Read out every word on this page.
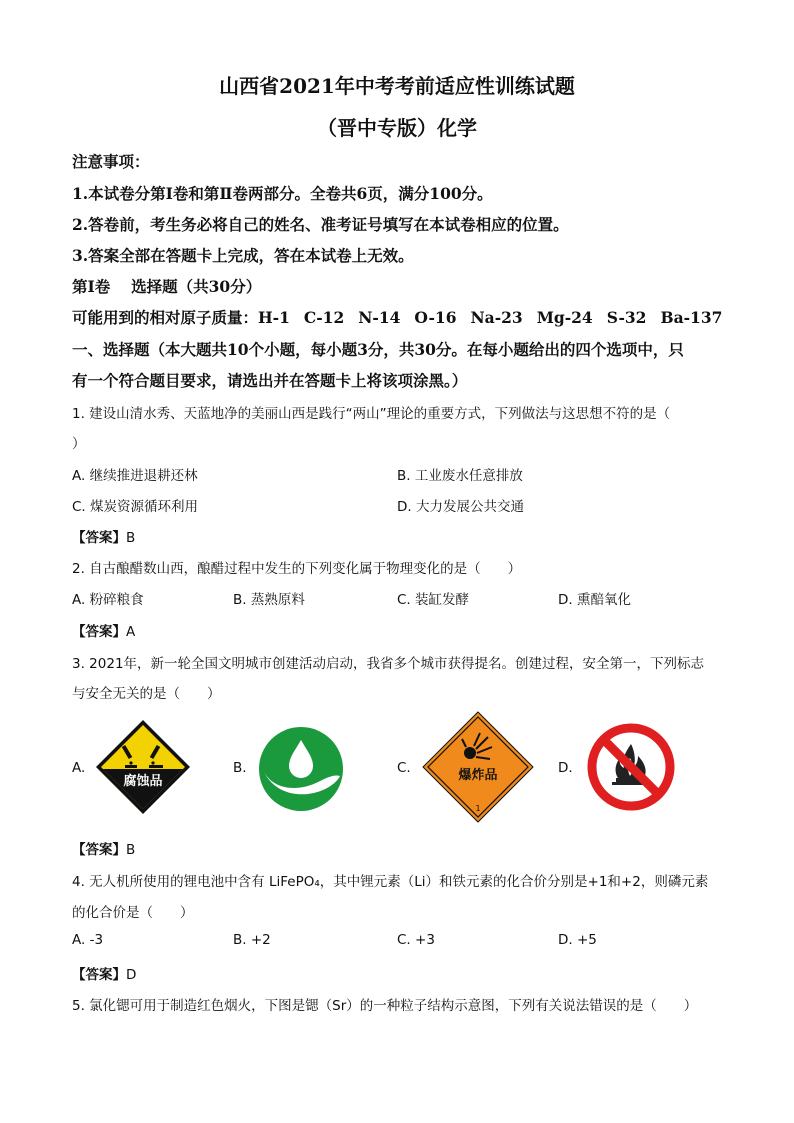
山西省2021年中考考前适应性训练试题
（晋中专版）化学
注意事项：
1.本试卷分第Ⅰ卷和第Ⅱ卷两部分。全卷共6页，满分100分。
2.答卷前，考生务必将自己的姓名、准考证号填写在本试卷相应的位置。
3.答案全部在答题卡上完成，答在本试卷上无效。
第Ⅰ卷　 选择题（共30分）
可能用到的相对原子质量：H-1 C-12 N-14 O-16 Na-23 Mg-24 S-32 Ba-137
一、选择题（本大题共10个小题，每小题3分，共30分。在每小题给出的四个选项中，只
有一个符合题目要求，请选出并在答题卡上将该项涂黑。）
1. 建设山清水秀、天蓝地净的美丽山西是践行“两山”理论的重要方式，下列做法与这思想不符的是（
）
A. 继续推进退耕还林	B. 工业废水任意排放
C. 煤炭资源循环利用	D. 大力发展公共交通
【答案】B
2. 自古酿醋数山西，酿醋过程中发生的下列变化属于物理变化的是（　　）
A. 粉碎粮食	B. 蒸熟原料	C. 装缸发酵	D. 熏醅氧化
【答案】A
3. 2021年，新一轮全国文明城市创建活动启动，我省多个城市获得提名。创建过程，安全第一，下列标志
与安全无关的是（　　）
A.
腐蚀品
B.	C.	爆炸品
1
D.
【答案】B
4. 无人机所使用的锂电池中含有 LiFePO₄，其中锂元素（Li）和铁元素的化合价分别是+1和+2，则磷元素
的化合价是（　　）
A. -3	B. +2	C. +3	D. +5
【答案】D
5. 氯化锶可用于制造红色烟火，下图是锶（Sr）的一种粒子结构示意图，下列有关说法错误的是（　　）
